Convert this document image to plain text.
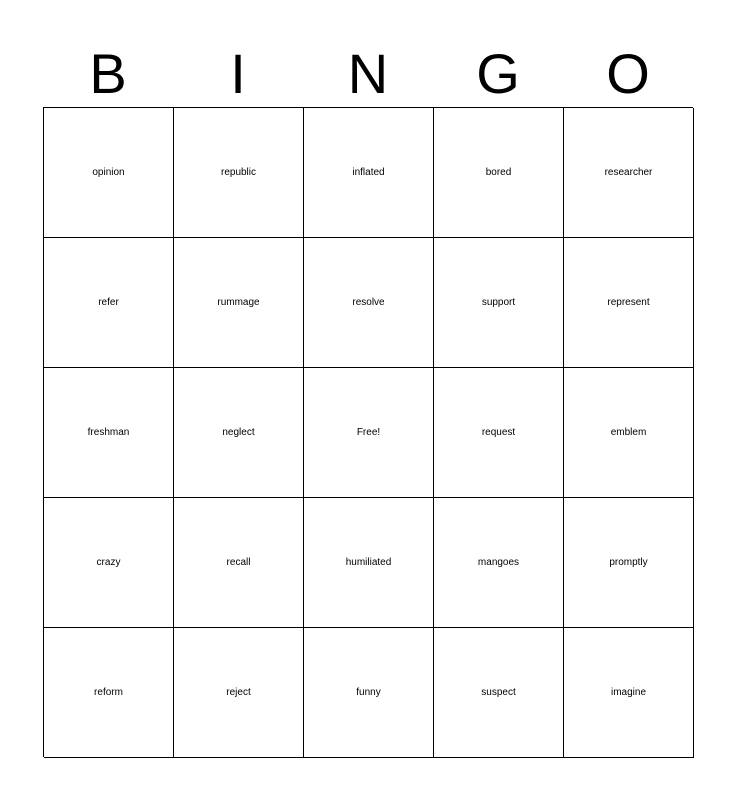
B	I	N	G	O
opinion	republic	inflated	bored	researcher
refer	rummage	resolve	support	represent
freshman	neglect	Free!	request	emblem
crazy	recall	humiliated	mangoes	promptly
reform	reject	funny	suspect	imagine
